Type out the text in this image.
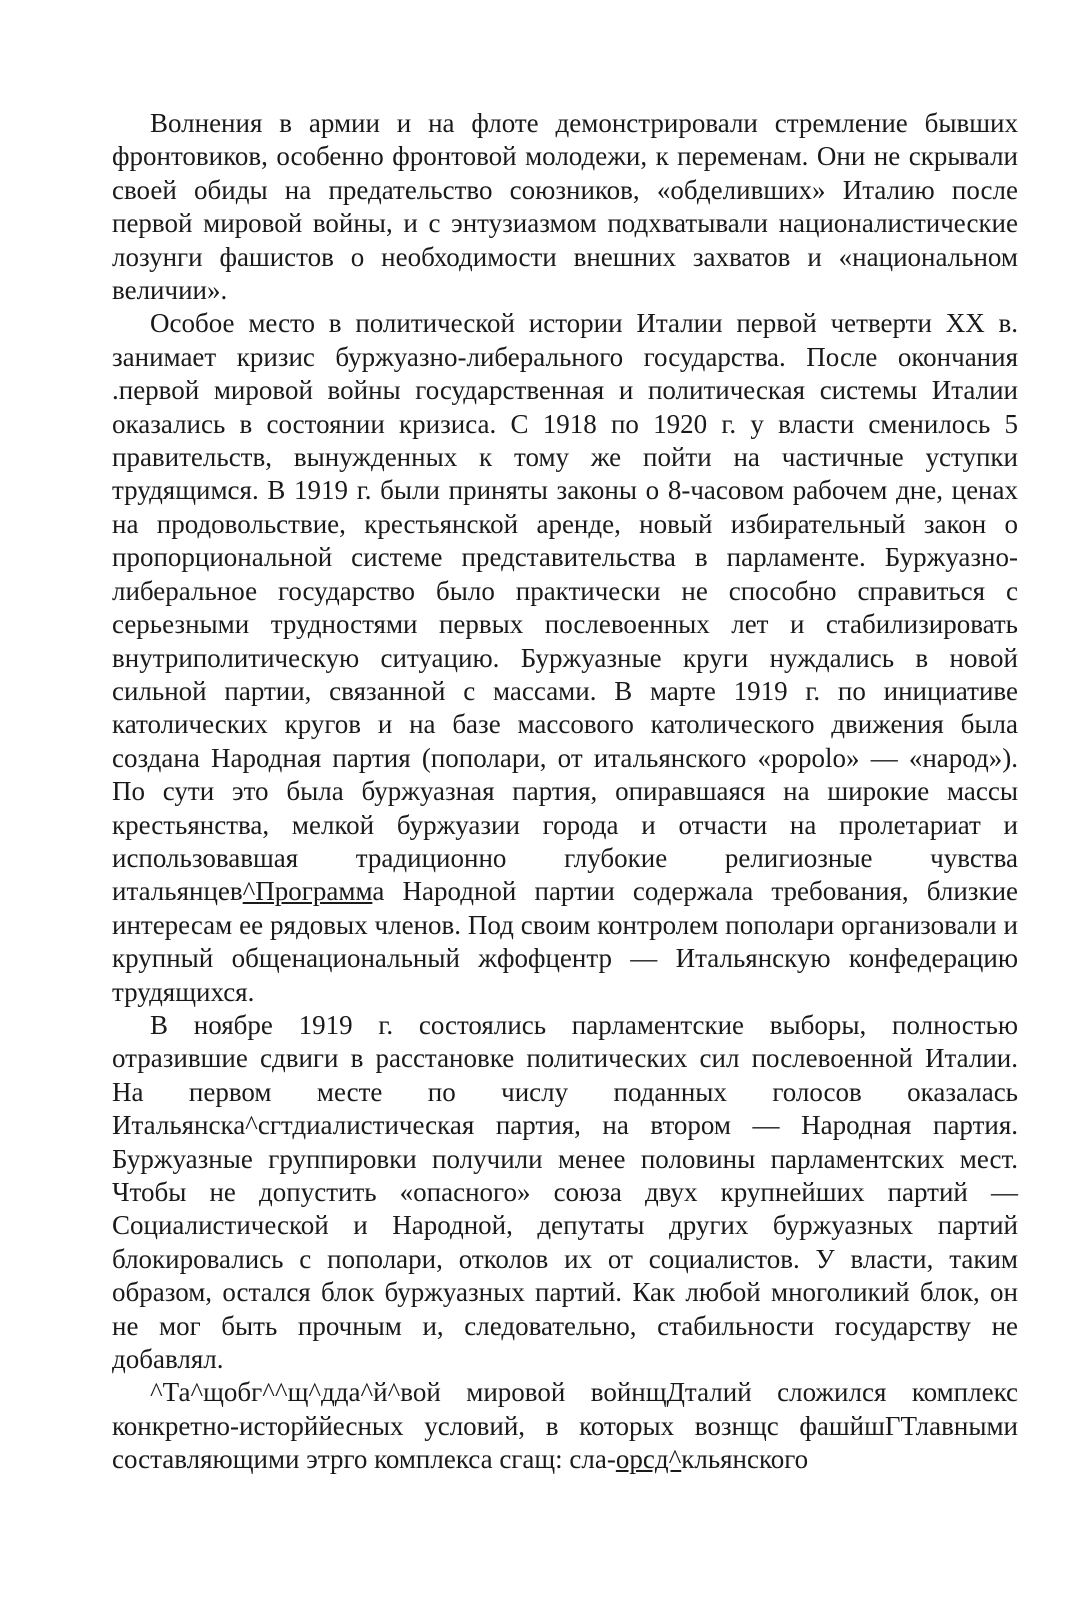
Волнения в армии и на флоте демонстрировали стремление бывших фронтовиков, особенно фронтовой молодежи, к переменам. Они не скрывали своей обиды на предательство союзников, «обделивших» Италию после первой мировой войны, и с энтузиазмом подхватывали националистические лозунги фашистов о необходимости внешних захватов и «национальном величии».

Особое место в политической истории Италии первой четверти XX в. занимает кризис буржуазно-либерального государства. После окончания .первой мировой войны государственная и политическая системы Италии оказались в состоянии кризиса. С 1918 по 1920 г. у власти сменилось 5 правительств, вынужденных к тому же пойти на частичные уступки трудящимся. В 1919 г. были приняты законы о 8-часовом рабочем дне, ценах на продовольствие, крестьянской аренде, новый избирательный закон о пропорциональной системе представительства в парламенте. Буржуазно-либеральное государство было практически не способно справиться с серьезными трудностями первых послевоенных лет и стабилизировать внутриполитическую ситуацию. Буржуазные круги нуждались в новой сильной партии, связанной с массами. В марте 1919 г. по инициативе католических кругов и на базе массового католического движения была создана Народная партия (пополари, от итальянского «popolo» — «народ»). По сути это была буржуазная партия, опиравшаяся на широкие массы крестьянства, мелкой буржуазии города и отчасти на пролетариат и использовавшая традиционно глубокие религиозные чувства итальянцев^Программа Народной партии содержала требования, близкие интересам ее рядовых членов. Под своим контролем пополари организовали и крупный общенациональный жфофцентр — Итальянскую конфедерацию трудящихся.

В ноябре 1919 г. состоялись парламентские выборы, полностью отразившие сдвиги в расстановке политических сил послевоенной Италии. На первом месте по числу поданных голосов оказалась Итальянска^сгтдиалистическая партия, на втором — Народная партия. Буржуазные группировки получили менее половины парламентских мест. Чтобы не допустить «опасного» союза двух крупнейших партий — Социалистической и Народной, депутаты других буржуазных партий блокировались с пополари, отколов их от социалистов. У власти, таким образом, остался блок буржуазных партий. Как любой многоликий блок, он не мог быть прочным и, следовательно, стабильности государству не добавлял.

^Та^щобг^^щ^дда^й^вой мировой войнщДталий сложился комплекс конкретно-исторййесных условий, в которых вознщс фашйшГТлавными составляющими этрго комплекса сгащ: сла-орсд^кльянского
